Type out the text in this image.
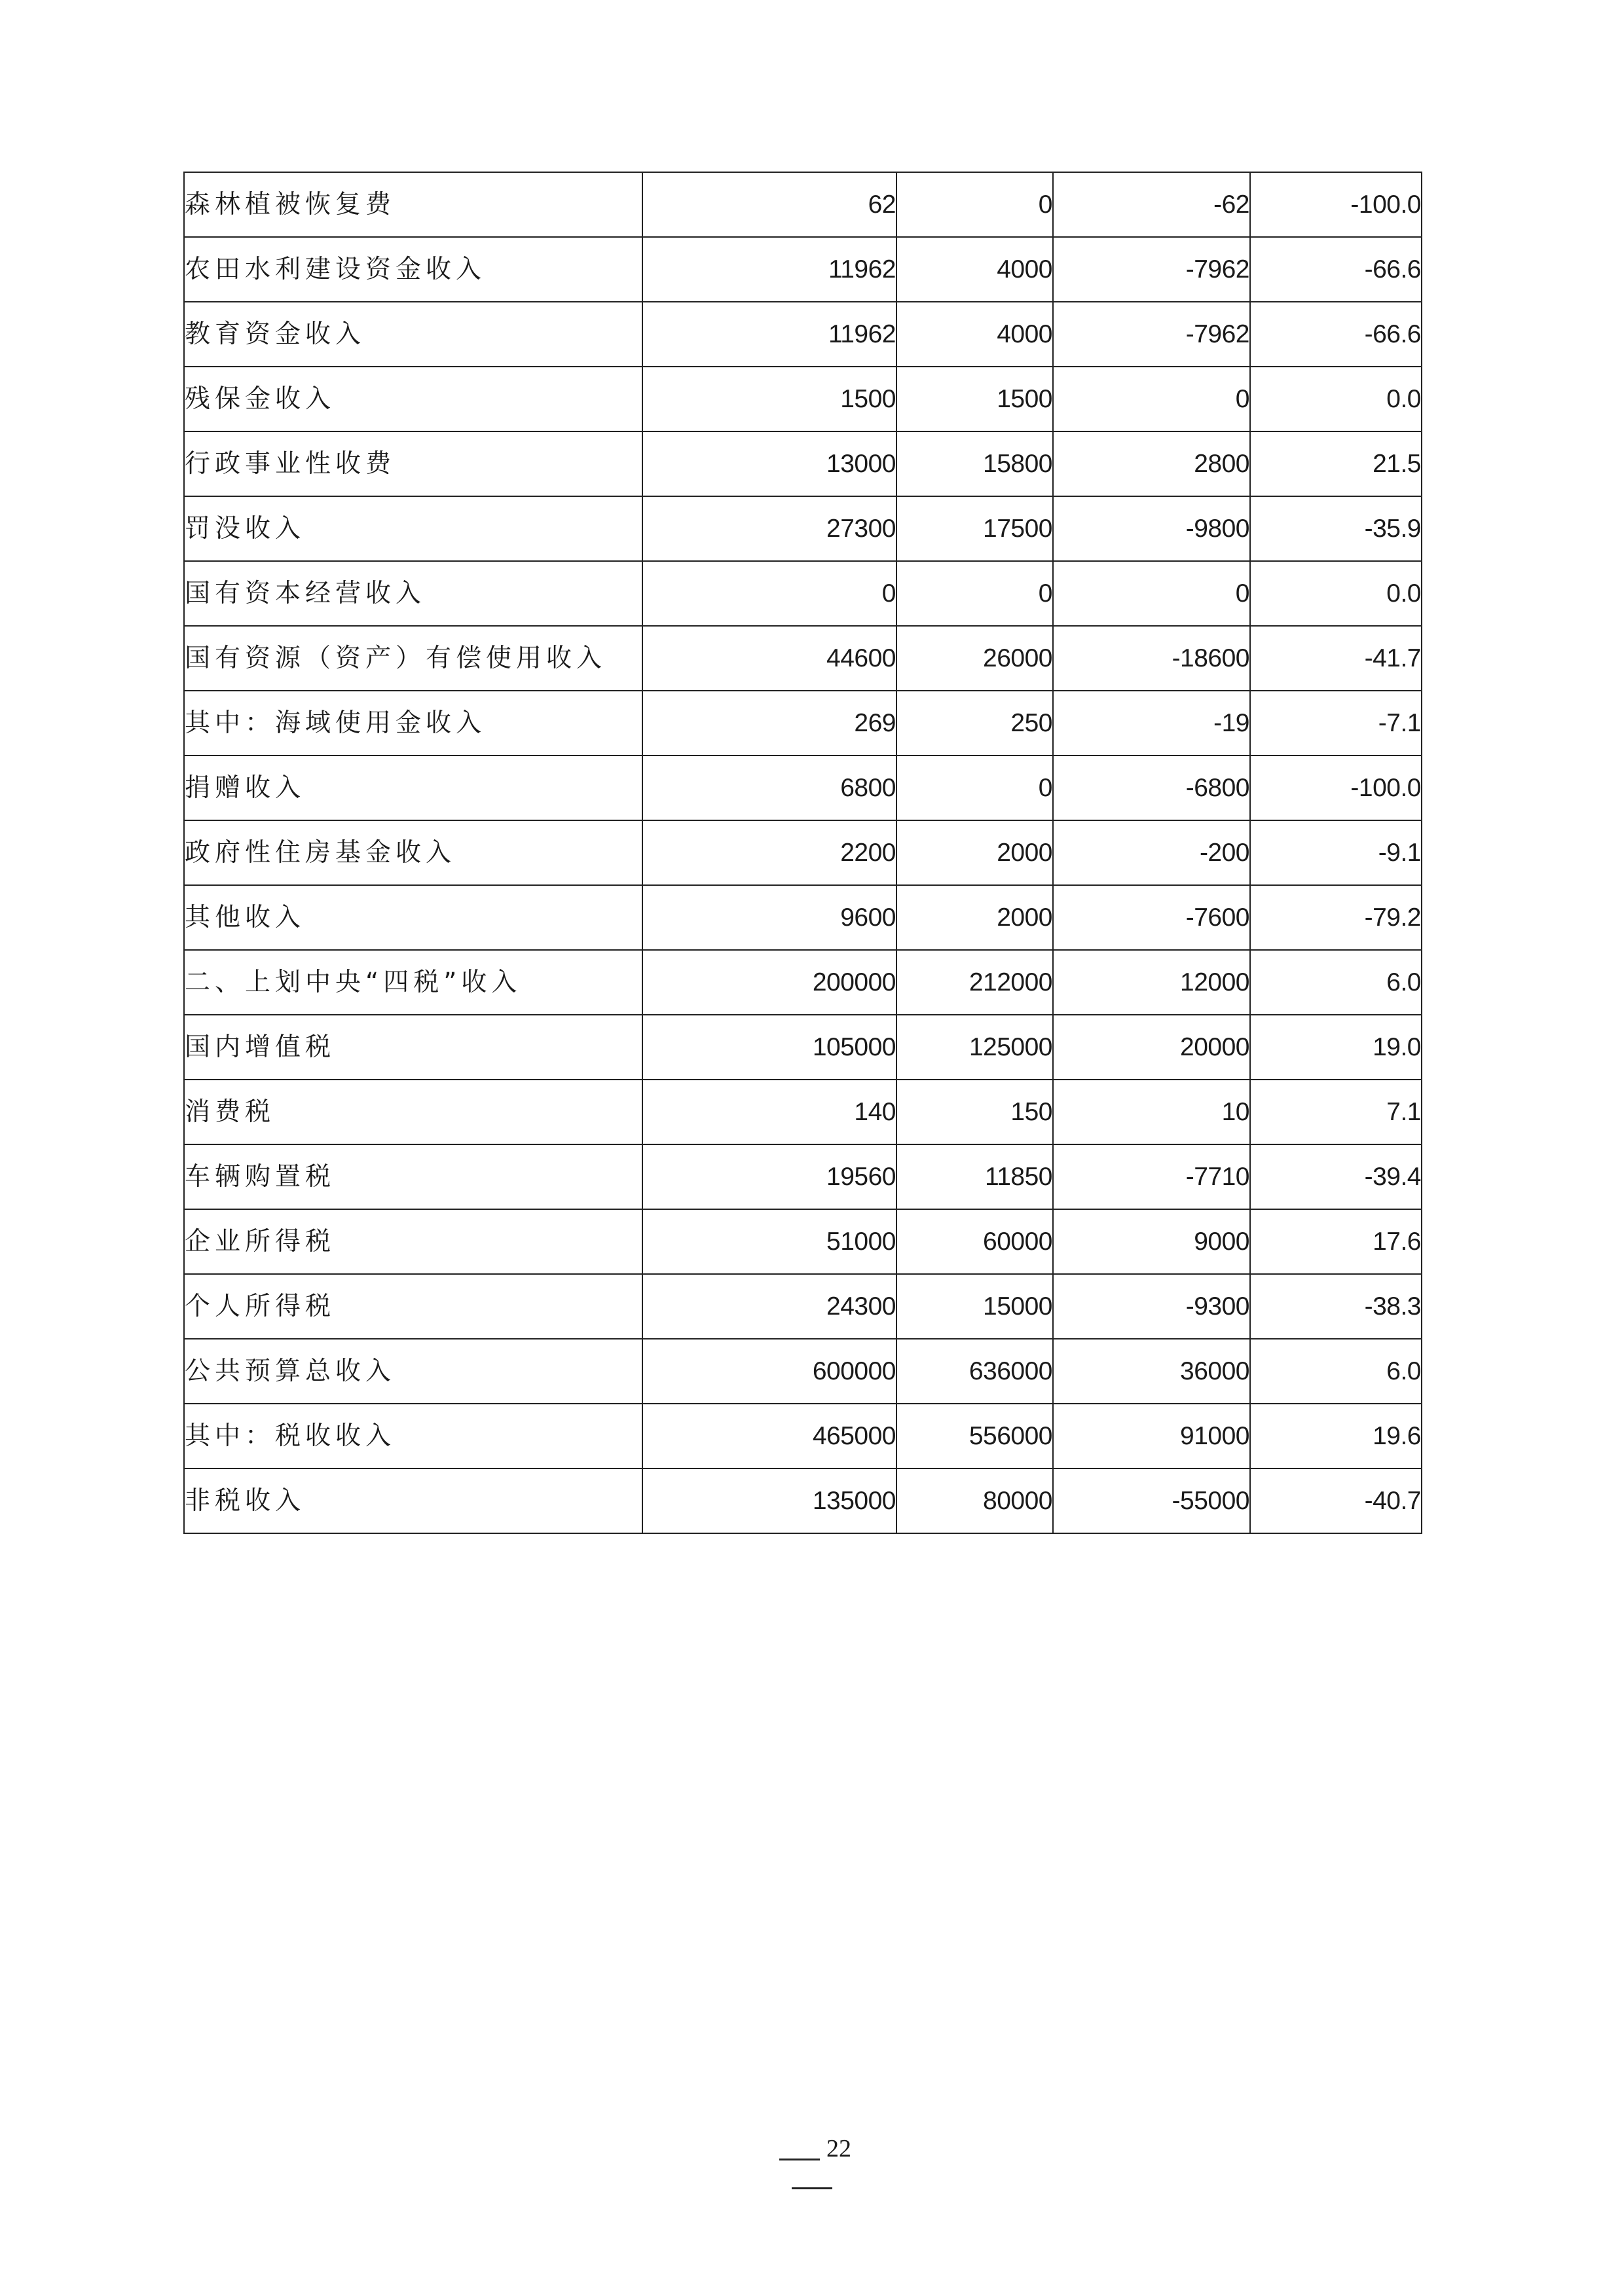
森林植被恢复费	62	0	-62	-100.0
农田水利建设资金收入	11962	4000	-7962	-66.6
教育资金收入	11962	4000	-7962	-66.6
残保金收入	1500	1500	0	0.0
行政事业性收费	13000	15800	2800	21.5
罚没收入	27300	17500	-9800	-35.9
国有资本经营收入	0	0	0	0.0
国有资源（资产）有偿使用收入	44600	26000	-18600	-41.7
其中：海域使用金收入	269	250	-19	-7.1
捐赠收入	6800	0	-6800	-100.0
政府性住房基金收入	2200	2000	-200	-9.1
其他收入	9600	2000	-7600	-79.2
二、上划中央“四税”收入	200000	212000	12000	6.0
国内增值税	105000	125000	20000	19.0
消费税	140	150	10	7.1
车辆购置税	19560	11850	-7710	-39.4
企业所得税	51000	60000	9000	17.6
个人所得税	24300	15000	-9300	-38.3
公共预算总收入	600000	636000	36000	6.0
其中：税收收入	465000	556000	91000	19.6
非税收入	135000	80000	-55000	-40.7
22
